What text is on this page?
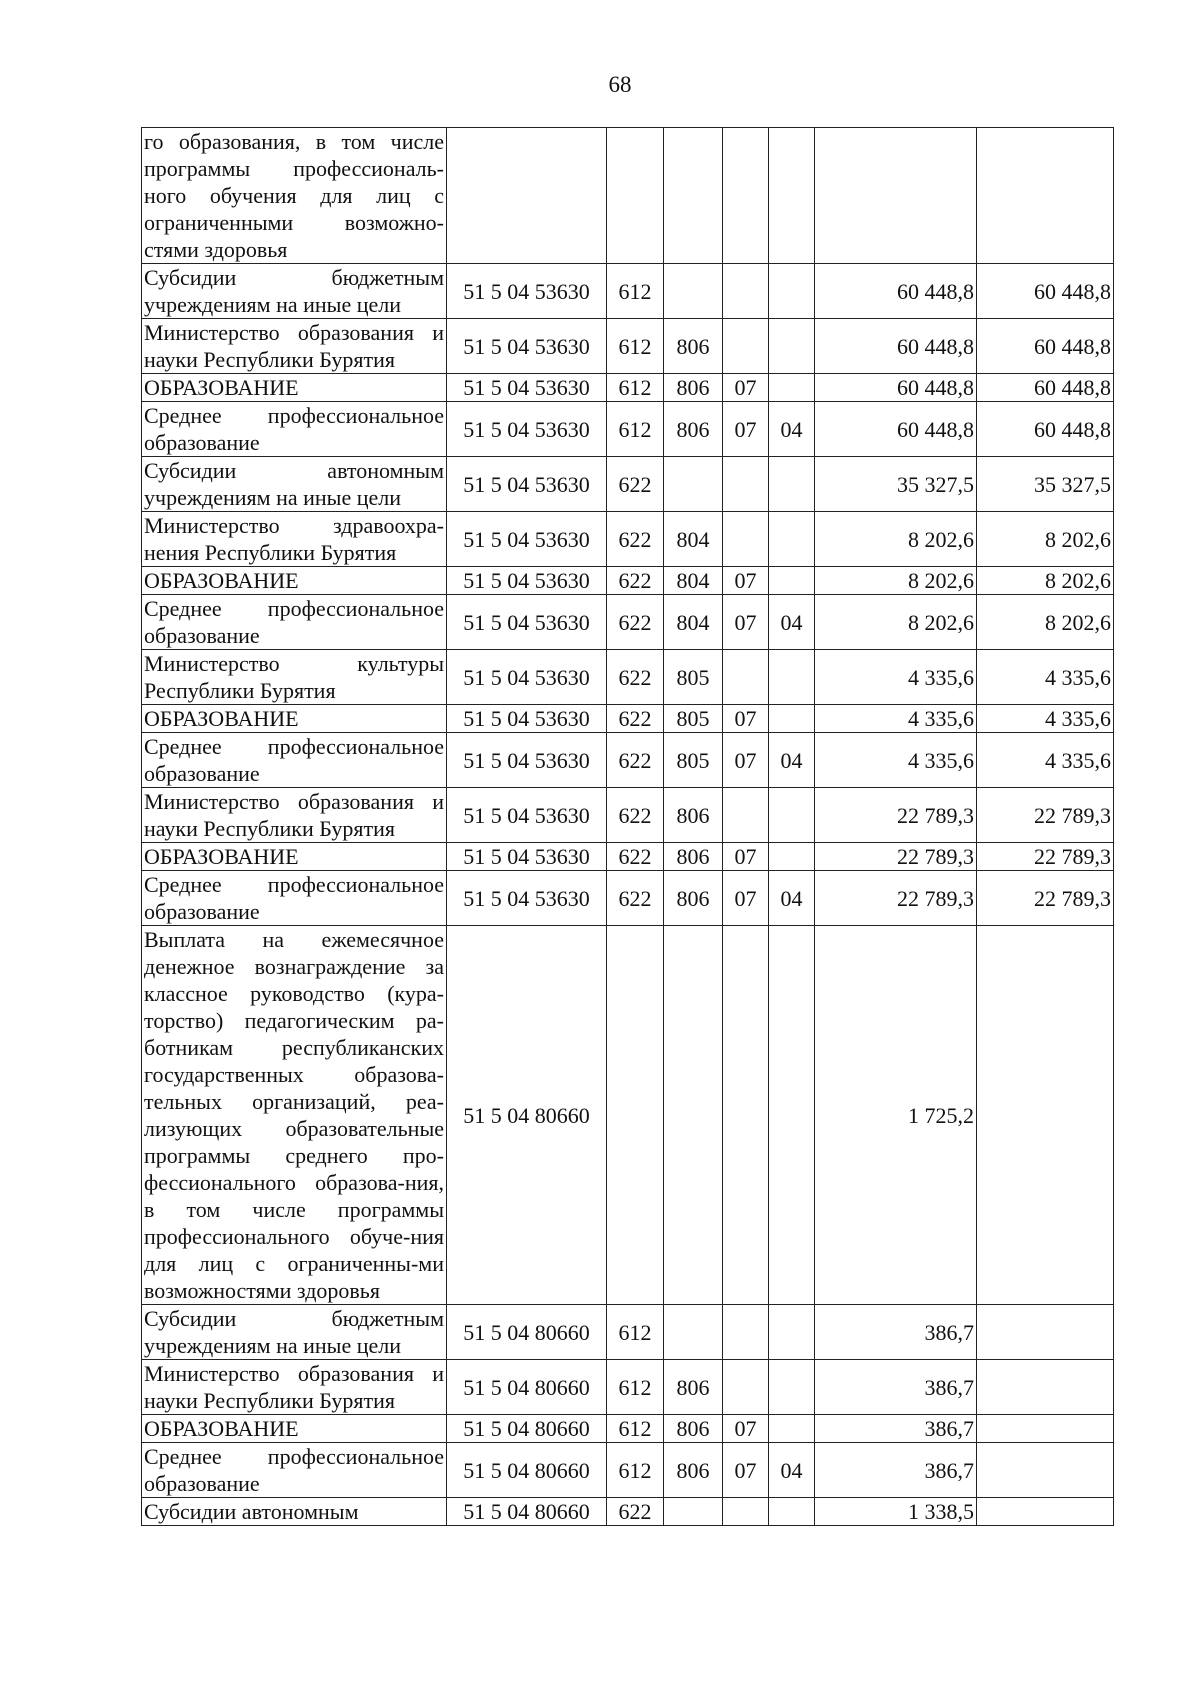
68
го образования, в том числе программы профессиональ-ного обучения для лиц с ограниченными возможно-стями здоровья							
Субсидии бюджетным учреждениям на иные цели	51 5 04 53630	612				60 448,8	60 448,8
Министерство образования и науки Республики Бурятия	51 5 04 53630	612	806			60 448,8	60 448,8
ОБРАЗОВАНИЕ	51 5 04 53630	612	806	07		60 448,8	60 448,8
Среднее профессиональное образование	51 5 04 53630	612	806	07	04	60 448,8	60 448,8
Субсидии автономным учреждениям на иные цели	51 5 04 53630	622				35 327,5	35 327,5
Министерство здравоохра-нения Республики Бурятия	51 5 04 53630	622	804			8 202,6	8 202,6
ОБРАЗОВАНИЕ	51 5 04 53630	622	804	07		8 202,6	8 202,6
Среднее профессиональное образование	51 5 04 53630	622	804	07	04	8 202,6	8 202,6
Министерство культуры Республики Бурятия	51 5 04 53630	622	805			4 335,6	4 335,6
ОБРАЗОВАНИЕ	51 5 04 53630	622	805	07		4 335,6	4 335,6
Среднее профессиональное образование	51 5 04 53630	622	805	07	04	4 335,6	4 335,6
Министерство образования и науки Республики Бурятия	51 5 04 53630	622	806			22 789,3	22 789,3
ОБРАЗОВАНИЕ	51 5 04 53630	622	806	07		22 789,3	22 789,3
Среднее профессиональное образование	51 5 04 53630	622	806	07	04	22 789,3	22 789,3
Выплата на ежемесячное денежное вознаграждение за классное руководство (кура-торство) педагогическим ра-ботникам республиканских государственных образова-тельных организаций, реа-лизующих образовательные программы среднего про-фессионального образова-ния, в том числе программы профессионального обуче-ния для лиц с ограниченны-ми возможностями здоровья	51 5 04 80660					1 725,2	
Субсидии бюджетным учреждениям на иные цели	51 5 04 80660	612				386,7	
Министерство образования и науки Республики Бурятия	51 5 04 80660	612	806			386,7	
ОБРАЗОВАНИЕ	51 5 04 80660	612	806	07		386,7	
Среднее профессиональное образование	51 5 04 80660	612	806	07	04	386,7	
Субсидии автономным	51 5 04 80660	622				1 338,5	
